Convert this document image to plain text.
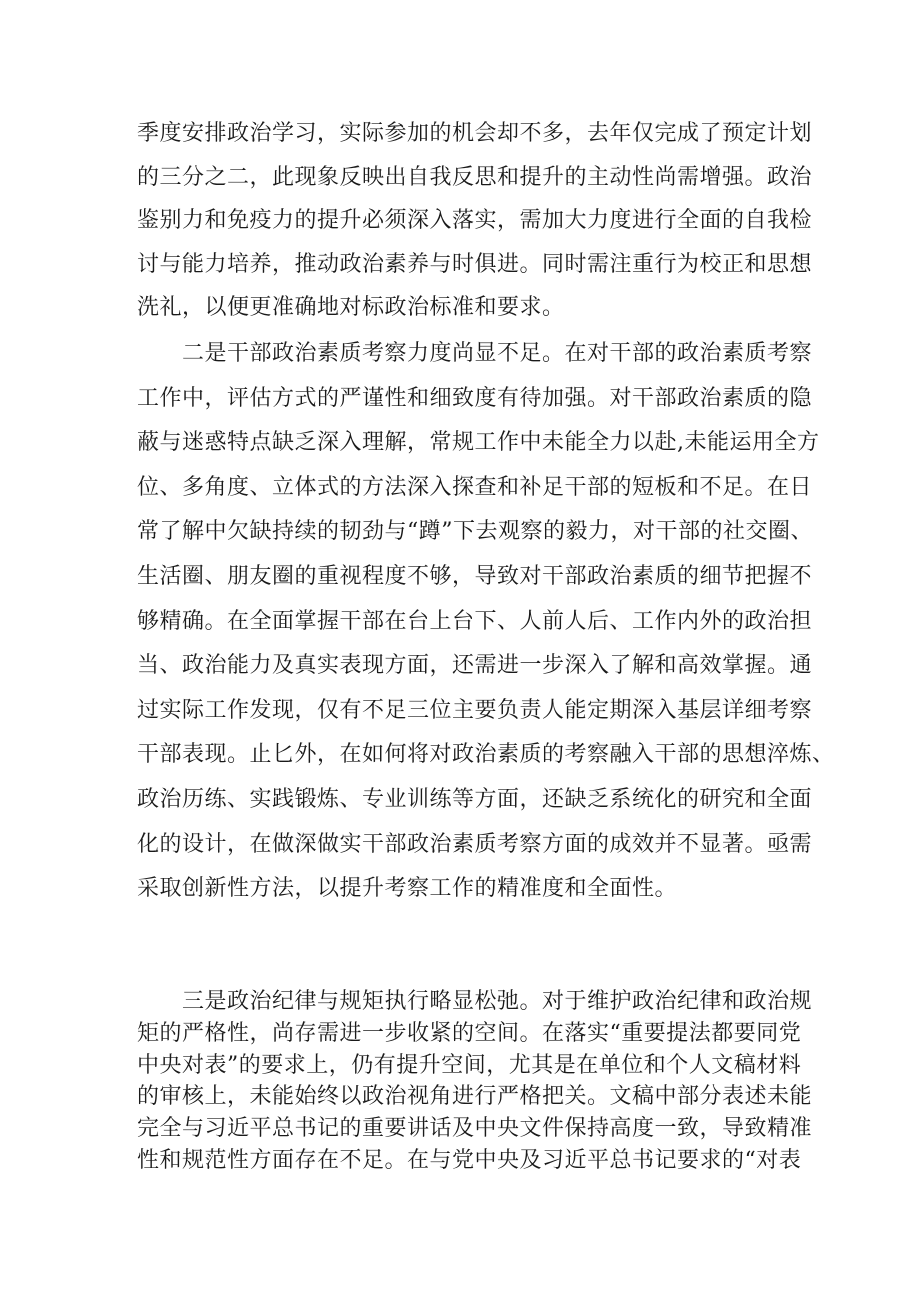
季度安排政治学习，实际参加的机会却不多，去年仅完成了预定计划
的三分之二，此现象反映出自我反思和提升的主动性尚需增强。政治
鉴别力和免疫力的提升必须深入落实，需加大力度进行全面的自我检
讨与能力培养，推动政治素养与时俱进。同时需注重行为校正和思想
洗礼，以便更准确地对标政治标准和要求。
　　二是干部政治素质考察力度尚显不足。在对干部的政治素质考察
工作中，评估方式的严谨性和细致度有待加强。对干部政治素质的隐
蔽与迷惑特点缺乏深入理解，常规工作中未能全力以赴,未能运用全方
位、多角度、立体式的方法深入探查和补足干部的短板和不足。在日
常了解中欠缺持续的韧劲与“蹲”下去观察的毅力，对干部的社交圈、
生活圈、朋友圈的重视程度不够，导致对干部政治素质的细节把握不
够精确。在全面掌握干部在台上台下、人前人后、工作内外的政治担
当、政治能力及真实表现方面，还需进一步深入了解和高效掌握。通
过实际工作发现，仅有不足三位主要负责人能定期深入基层详细考察
干部表现。止匕外，在如何将对政治素质的考察融入干部的思想淬炼、
政治历练、实践锻炼、专业训练等方面，还缺乏系统化的研究和全面
化的设计，在做深做实干部政治素质考察方面的成效并不显著。亟需
采取创新性方法，以提升考察工作的精准度和全面性。
　　三是政治纪律与规矩执行略显松弛。对于维护政治纪律和政治规
矩的严格性，尚存需进一步收紧的空间。在落实“重要提法都要同党
中央对表”的要求上，仍有提升空间，尤其是在单位和个人文稿材料
的审核上，未能始终以政治视角进行严格把关。文稿中部分表述未能
完全与习近平总书记的重要讲话及中央文件保持高度一致，导致精准
性和规范性方面存在不足。在与党中央及习近平总书记要求的“对表
